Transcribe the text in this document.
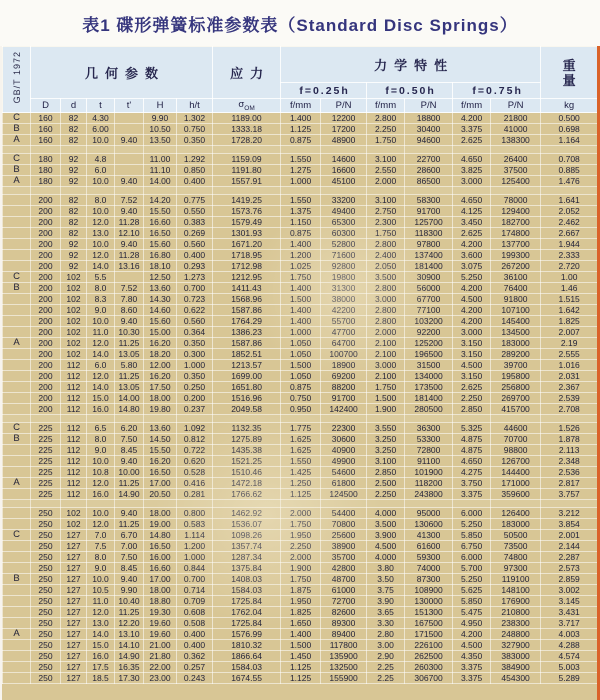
表1 碟形弹簧标准参数表（Standard Disc Springs）
GB/T 1972	几何参数						应力	力学特性						重
量

								f=0.25h		f=0.50h		f=0.75h		
	D	d	t	t'	H	h/t	$\sigma_{OM}$	f/mm	P/N	f/mm	P/N	f/mm	P/N	kg
C	160	82	4.30		9.90	1.302	1189.00	1.400	12200	2.800	18800	4.200	21800	0.500
B	160	82	6.00		10.50	0.750	1333.18	1.125	17200	2.250	30400	3.375	41000	0.698
A	160	82	10.0	9.40	13.50	0.350	1728.20	0.875	48900	1.750	94600	2.625	138300	1.164

C	180	92	4.8		11.00	1.292	1159.09	1.550	14600	3.100	22700	4.650	26400	0.708
B	180	92	6.0		11.10	0.850	1191.80	1.275	16600	2.550	28600	3.825	37500	0.885
A	180	92	10.0	9.40	14.00	0.400	1557.91	1.000	45100	2.000	86500	3.000	125400	1.476

	200	82	8.0	7.52	14.20	0.775	1419.25	1.550	33200	3.100	58300	4.650	78000	1.641
	200	82	10.0	9.40	15.50	0.550	1573.76	1.375	49400	2.750	91700	4.125	129400	2.052
	200	82	12.0	11.28	16.60	0.383	1579.49	1.150	65300	2.300	125700	3.450	182700	2.462
	200	82	13.0	12.10	16.50	0.269	1301.93	0.875	60300	1.750	118300	2.625	174800	2.667
	200	92	10.0	9.40	15.60	0.560	1671.20	1.400	52800	2.800	97800	4.200	137700	1.944
	200	92	12.0	11.28	16.80	0.400	1718.95	1.200	71600	2.400	137400	3.600	199300	2.333
	200	92	14.0	13.16	18.10	0.293	1712.98	1.025	92800	2.050	181400	3.075	267200	2.720
C	200	102	5.5		12.50	1.273	1212.95	1.750	19800	3.500	30900	5.250	36100	1.00
B	200	102	8.0	7.52	13.60	0.700	1411.43	1.400	31300	2.800	56000	4.200	76400	1.46
	200	102	8.3	7.80	14.30	0.723	1568.96	1.500	38000	3.000	67700	4.500	91800	1.515
	200	102	9.0	8.60	14.60	0.622	1587.86	1.400	42200	2.800	77100	4.200	107100	1.642
	200	102	10.0	9.40	15.60	0.560	1764.29	1.400	55700	2.800	103200	4.200	145400	1.825
	200	102	11.0	10.30	15.00	0.364	1386.23	1.000	47700	2.000	92200	3.000	134500	2.007
A	200	102	12.0	11.25	16.20	0.350	1587.86	1.050	64700	2.100	125200	3.150	183000	2.19
	200	102	14.0	13.05	18.20	0.300	1852.51	1.050	100700	2.100	196500	3.150	289200	2.555
	200	112	6.0	5.80	12.00	1.000	1213.57	1.500	18900	3.000	31500	4.500	39700	1.016
	200	112	12.0	11.25	16.20	0.350	1699.00	1.050	69200	2.100	134000	3.150	195800	2.031
	200	112	14.0	13.05	17.50	0.250	1651.80	0.875	88200	1.750	173500	2.625	256800	2.367
	200	112	15.0	14.00	18.00	0.200	1516.96	0.750	91700	1.500	181400	2.250	269700	2.539
	200	112	16.0	14.80	19.80	0.237	2049.58	0.950	142400	1.900	280500	2.850	415700	2.708

C	225	112	6.5	6.20	13.60	1.092	1132.35	1.775	22300	3.550	36300	5.325	44600	1.526
B	225	112	8.0	7.50	14.50	0.812	1275.89	1.625	30600	3.250	53300	4.875	70700	1.878
	225	112	9.0	8.45	15.50	0.722	1435.38	1.625	40900	3.250	72800	4.875	98800	2.113
	225	112	10.0	9.40	16.20	0.620	1521.25	1.550	49900	3.100	91100	4.650	126700	2.348
	225	112	10.8	10.00	16.50	0.528	1510.46	1.425	54600	2.850	101900	4.275	144400	2.536
A	225	112	12.0	11.25	17.00	0.416	1472.18	1.250	61800	2.500	118200	3.750	171000	2.817
	225	112	16.0	14.90	20.50	0.281	1766.62	1.125	124500	2.250	243800	3.375	359600	3.757

	250	102	10.0	9.40	18.00	0.800	1462.92	2.000	54400	4.000	95000	6.000	126400	3.212
	250	102	12.0	11.25	19.00	0.583	1536.07	1.750	70800	3.500	130600	5.250	183000	3.854
C	250	127	7.0	6.70	14.80	1.114	1098.26	1.950	25600	3.900	41300	5.850	50500	2.001
	250	127	7.5	7.00	16.50	1.200	1357.74	2.250	38900	4.500	61600	6.750	73500	2.144
	250	127	8.0	7.50	16.00	1.000	1287.34	2.000	35700	4.000	59300	6.000	74800	2.287
	250	127	9.0	8.45	16.60	0.844	1375.84	1.900	42800	3.80	74000	5.700	97300	2.573
B	250	127	10.0	9.40	17.00	0.700	1408.03	1.750	48700	3.50	87300	5.250	119100	2.859
	250	127	10.5	9.90	18.00	0.714	1584.03	1.875	61000	3.75	108900	5.625	148100	3.002
	250	127	11.0	10.40	18.80	0.709	1725.84	1.950	72700	3.90	130000	5.850	176900	3.145
	250	127	12.0	11.25	19.30	0.608	1762.04	1.825	82600	3.65	151300	5.475	210800	3.431
	250	127	13.0	12.20	19.60	0.508	1725.84	1.650	89300	3.30	167500	4.950	238300	3.717
A	250	127	14.0	13.10	19.60	0.400	1576.99	1.400	89400	2.80	171500	4.200	248800	4.003
	250	127	15.0	14.10	21.00	0.400	1810.32	1.500	117800	3.00	226100	4.500	327900	4.288
	250	127	16.0	14.90	21.80	0.362	1866.64	1.450	135900	2.90	262500	4.350	383000	4.574
	250	127	17.5	16.35	22.00	0.257	1584.03	1.125	132500	2.25	260300	3.375	384900	5.003
	250	127	18.5	17.30	23.00	0.243	1674.55	1.125	155900	2.25	306700	3.375	454300	5.289
